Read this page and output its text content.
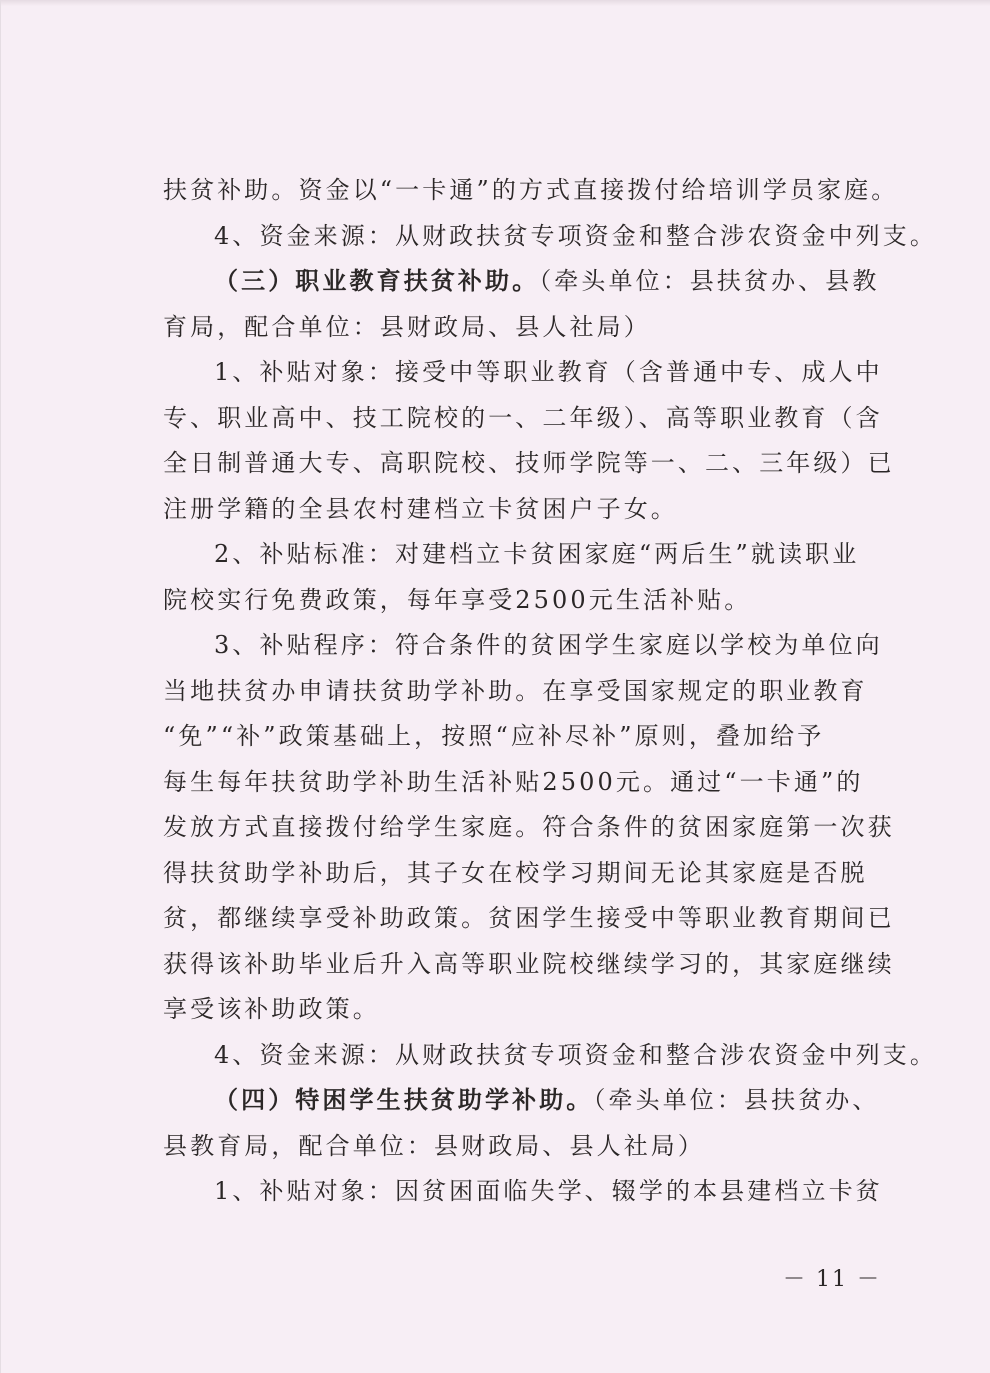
扶贫补助。资金以“一卡通”的方式直接拨付给培训学员家庭。
4、资金来源：从财政扶贫专项资金和整合涉农资金中列支。
（三）职业教育扶贫补助。（牵头单位：县扶贫办、县教
育局，配合单位：县财政局、县人社局）
1、补贴对象：接受中等职业教育（含普通中专、成人中
专、职业高中、技工院校的一、二年级）、高等职业教育（含
全日制普通大专、高职院校、技师学院等一、二、三年级）已
注册学籍的全县农村建档立卡贫困户子女。
2、补贴标准：对建档立卡贫困家庭“两后生”就读职业
院校实行免费政策，每年享受2500元生活补贴。
3、补贴程序：符合条件的贫困学生家庭以学校为单位向
当地扶贫办申请扶贫助学补助。在享受国家规定的职业教育
“免”“补”政策基础上，按照“应补尽补”原则，叠加给予
每生每年扶贫助学补助生活补贴2500元。通过“一卡通”的
发放方式直接拨付给学生家庭。符合条件的贫困家庭第一次获
得扶贫助学补助后，其子女在校学习期间无论其家庭是否脱
贫，都继续享受补助政策。贫困学生接受中等职业教育期间已
获得该补助毕业后升入高等职业院校继续学习的，其家庭继续
享受该补助政策。
4、资金来源：从财政扶贫专项资金和整合涉农资金中列支。
（四）特困学生扶贫助学补助。（牵头单位：县扶贫办、
县教育局，配合单位：县财政局、县人社局）
1、补贴对象：因贫困面临失学、辍学的本县建档立卡贫
－ 11 －
